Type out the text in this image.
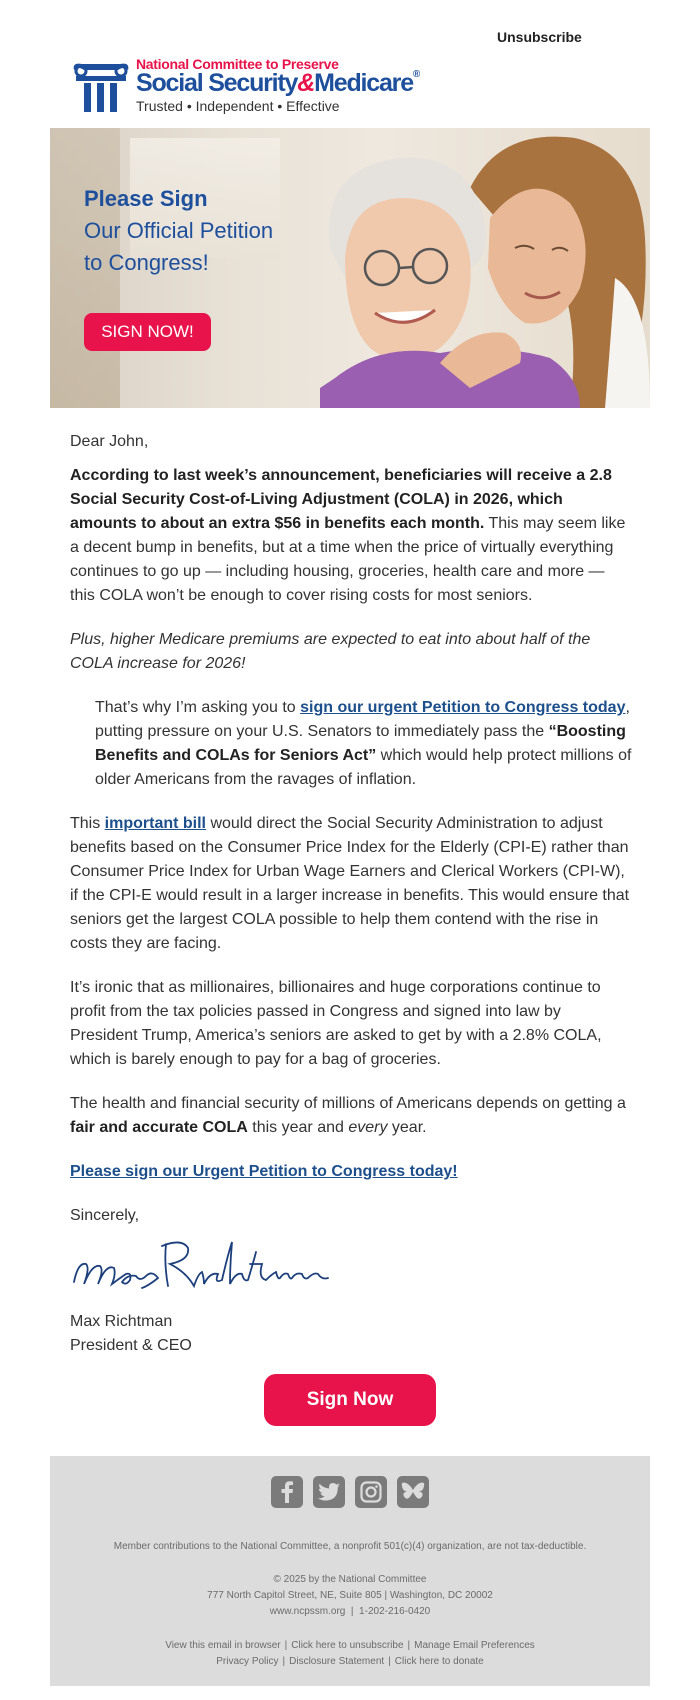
Unsubscribe
National Committee to Preserve
Social Security&Medicare®
Trusted • Independent • Effective
Please Sign
Our Official Petition
to Congress!
SIGN NOW!

Dear John,

According to last week’s announcement, beneficiaries will receive a 2.8 Social Security Cost-of-Living Adjustment (COLA) in 2026, which amounts to about an extra $56 in benefits each month. This may seem like a decent bump in benefits, but at a time when the price of virtually everything continues to go up — including housing, groceries, health care and more — this COLA won’t be enough to cover rising costs for most seniors.

Plus, higher Medicare premiums are expected to eat into about half of the COLA increase for 2026!

That’s why I’m asking you to sign our urgent Petition to Congress today, putting pressure on your U.S. Senators to immediately pass the “Boosting Benefits and COLAs for Seniors Act” which would help protect millions of older Americans from the ravages of inflation.

This important bill would direct the Social Security Administration to adjust benefits based on the Consumer Price Index for the Elderly (CPI-E) rather than Consumer Price Index for Urban Wage Earners and Clerical Workers (CPI-W), if the CPI-E would result in a larger increase in benefits. This would ensure that seniors get the largest COLA possible to help them contend with the rise in costs they are facing.

It’s ironic that as millionaires, billionaires and huge corporations continue to profit from the tax policies passed in Congress and signed into law by President Trump, America’s seniors are asked to get by with a 2.8% COLA, which is barely enough to pay for a bag of groceries.

The health and financial security of millions of Americans depends on getting a fair and accurate COLA this year and every year.

Please sign our Urgent Petition to Congress today!

Sincerely,

Max Richtman

President & CEO

Sign Now
Member contributions to the National Committee, a nonprofit 501(c)(4) organization, are not tax-deductible.
© 2025 by the National Committee
777 North Capitol Street, NE, Suite 805 | Washington, DC 20002
www.ncpssm.org  |  1-202-216-0420
View this email in browser | Click here to unsubscribe | Manage Email Preferences
Privacy Policy | Disclosure Statement | Click here to donate
